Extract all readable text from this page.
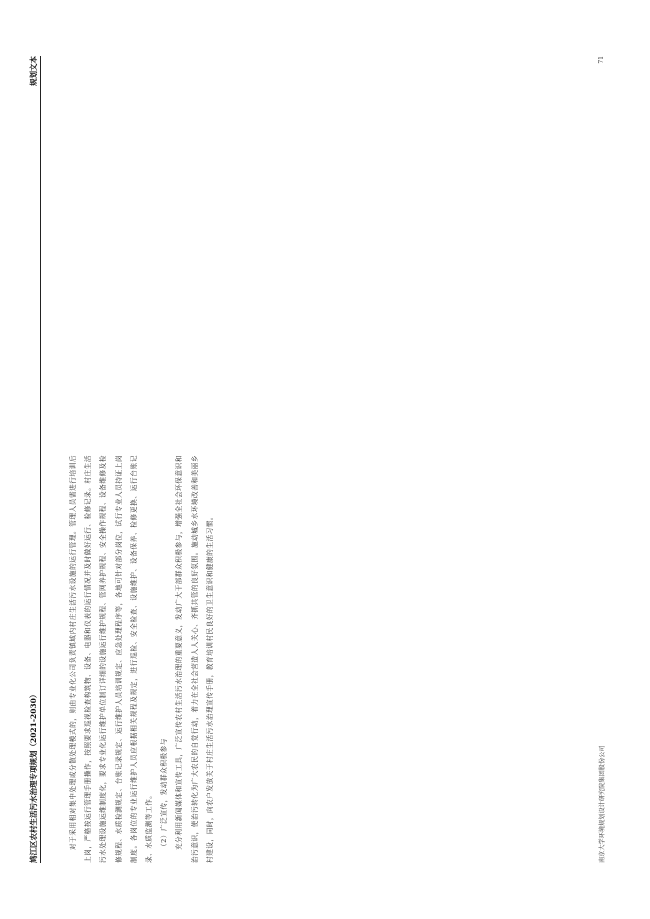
鸠江区农村生活污水治理专项规划（2021-2030）
规划文本

对于采用相对集中处理或分散处理模式的，则由专业化公司负责镇域内村庄生活污水设施的运行管理。管理人员需进行培训后上岗，严格按运行管理手册操作，按照要求巡视检查构筑物、设备、电器和仪表的运行情况并及时做好运行、检修记录。村庄生活污水处理设施运维制度化，要求专业化运行维护单位制订详细的设施运行维护规程、管网养护规程、安全操作规程、设备维修及检修规程、水质检测规定、台账记录规定、运行维护人员培训规定、应急处理程序等，各地可针对部分岗位，试行专业人员持证上岗制度。各岗位的专业运行维护人员应根据相关规程及规定，进行巡检、安全检查、设施维护、设备保养、检修更换、运行台账记录、水质监测等工作。	（2）广泛宣传，发动群众积极参与	充分利用新闻媒体和宣传工具，广泛宣传农村生活污水治理的重要意义，发动广大干部群众积极参与，增强全社会环保意识和治污意识，使治污转化为广大农民的自觉行动，着力在全社会营造人人关心、齐抓共管的良好氛围。施动城乡水环境改善和美丽乡村建设，同时，向农户发放关于村庄生活污水治理宣传手册，教育培训村民良好的卫生意识和健康的生活习惯。	南京大学环境规划设计研究院集团股份公司
71
